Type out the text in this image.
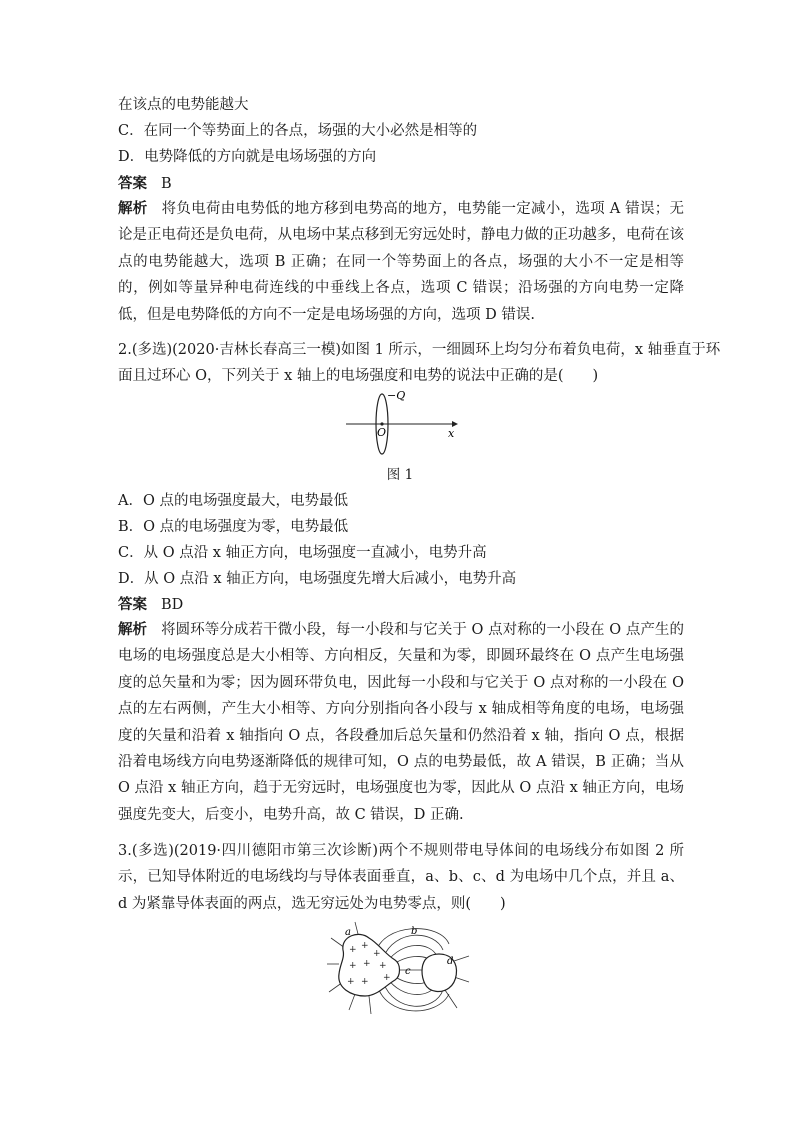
在该点的电势能越大
C．在同一个等势面上的各点，场强的大小必然是相等的
D．电势降低的方向就是电场场强的方向
答案 B
解析 将负电荷由电势低的地方移到电势高的地方，电势能一定减小，选项 A 错误；无论是正电荷还是负电荷，从电场中某点移到无穷远处时，静电力做的正功越多，电荷在该点的电势能越大，选项 B 正确；在同一个等势面上的各点，场强的大小不一定是相等的，例如等量异种电荷连线的中垂线上各点，选项 C 错误；沿场强的方向电势一定降低，但是电势降低的方向不一定是电场场强的方向，选项 D 错误.
2.(多选)(2020·吉林长春高三一模)如图 1 所示，一细圆环上均匀分布着负电荷，x 轴垂直于环
面且过环心 O，下列关于 x 轴上的电场强度和电势的说法中正确的是(　　)
−Q
O	x
图 1
A．O 点的电场强度最大，电势最低
B．O 点的电场强度为零，电势最低
C．从 O 点沿 x 轴正方向，电场强度一直减小，电势升高
D．从 O 点沿 x 轴正方向，电场强度先增大后减小，电势升高
答案 BD
解析 将圆环等分成若干微小段，每一小段和与它关于 O 点对称的一小段在 O 点产生的电场的电场强度总是大小相等、方向相反，矢量和为零，即圆环最终在 O 点产生电场强度的总矢量和为零；因为圆环带负电，因此每一小段和与它关于 O 点对称的一小段在 O 点的左右两侧，产生大小相等、方向分别指向各小段与 x 轴成相等角度的电场，电场强度的矢量和沿着 x 轴指向 O 点，各段叠加后总矢量和仍然沿着 x 轴，指向 O 点，根据沿着电场线方向电势逐渐降低的规律可知，O 点的电势最低，故 A 错误，B 正确；当从 O 点沿 x 轴正方向，趋于无穷远时，电场强度也为零，因此从 O 点沿 x 轴正方向，电场强度先变大，后变小，电势升高，故 C 错误，D 正确.
3.(多选)(2019·四川德阳市第三次诊断)两个不规则带电导体间的电场线分布如图 2 所示，已知导体附近的电场线均与导体表面垂直，a、b、c、d 为电场中几个点，并且 a、d 为紧靠导体表面的两点，选无穷远处为电势零点，则(　　)
+ +
+
+ + +
+ + +
a	b
c
d
